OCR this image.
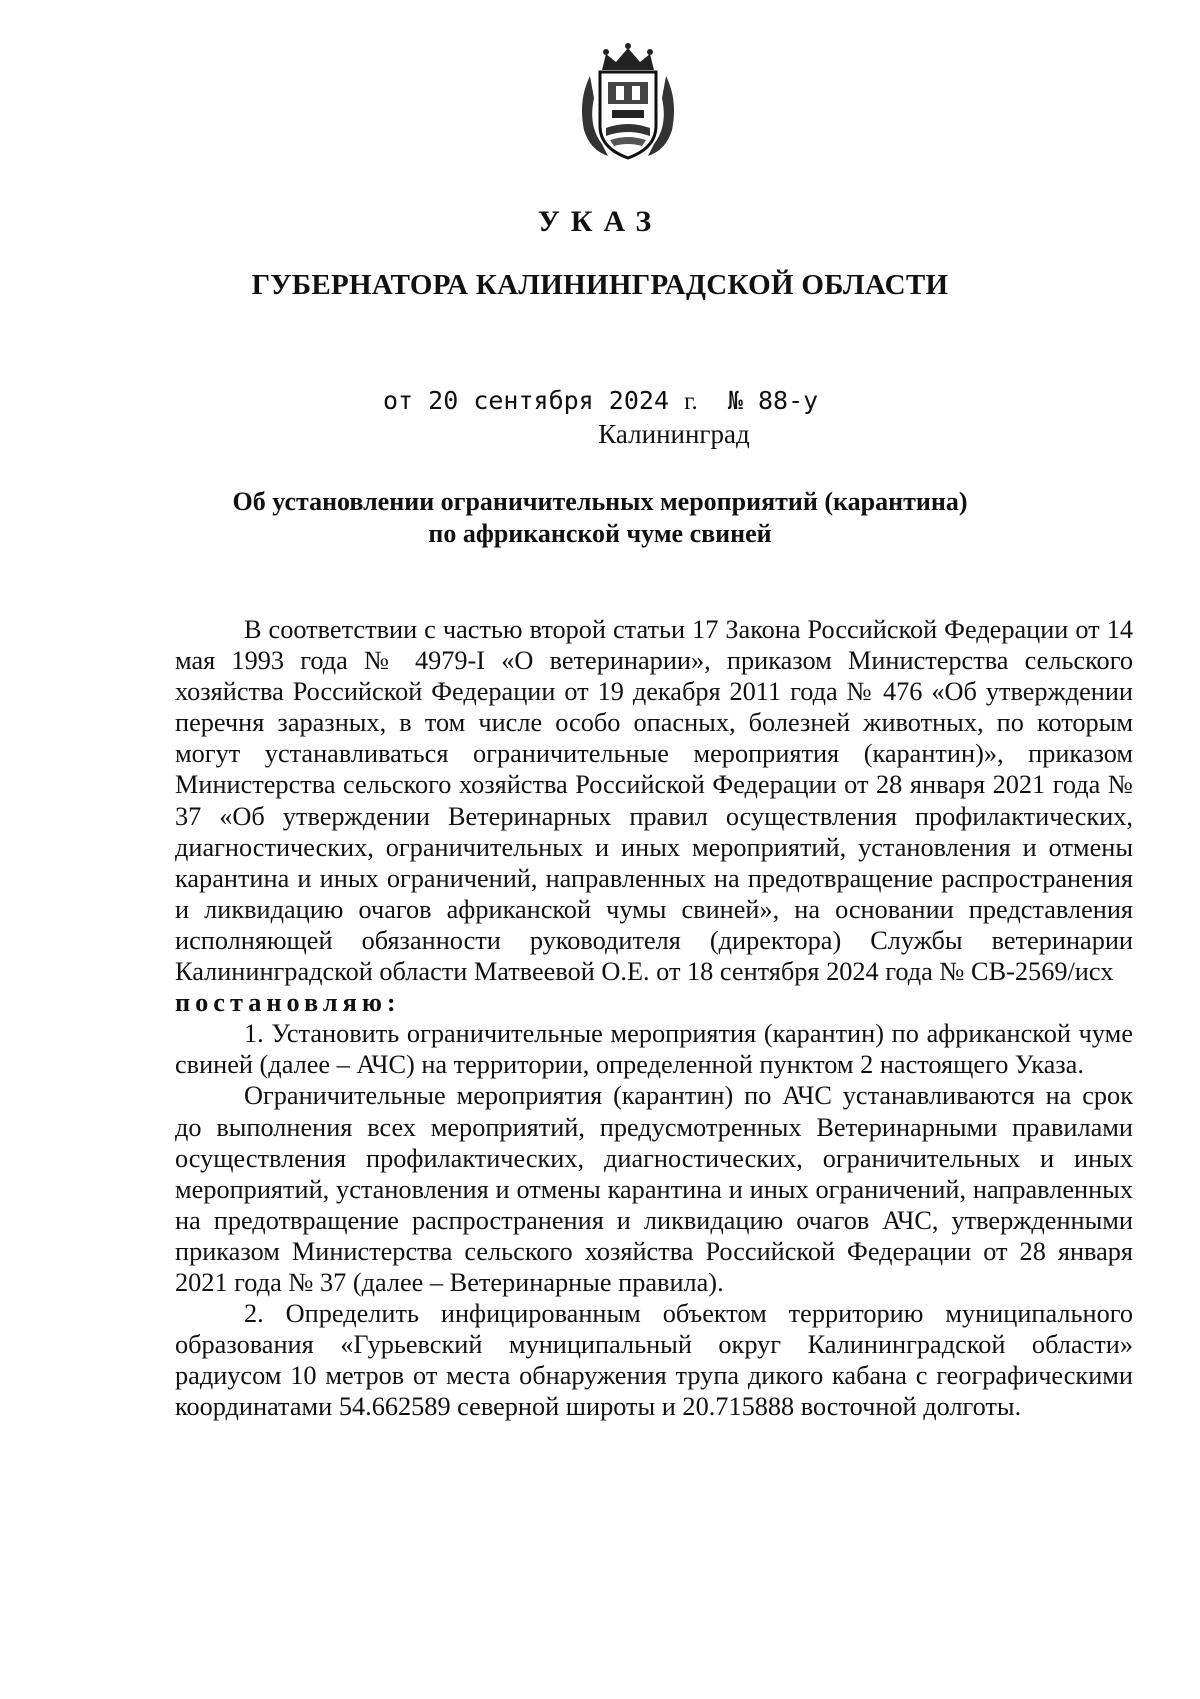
УКАЗ
ГУБЕРНАТОРА КАЛИНИНГРАДСКОЙ ОБЛАСТИ
от 20 сентября 2024 г. № 88-у
Калининград
Об установлении ограничительных мероприятий (карантина)
по африканской чуме свиней

В соответствии с частью второй статьи 17 Закона Российской Федерации от 14 мая 1993 года № 4979-I «О ветеринарии», приказом Министерства сельского хозяйства Российской Федерации от 19 декабря 2011 года № 476 «Об утверждении перечня заразных, в том числе особо опасных, болезней животных, по которым могут устанавливаться ограничительные мероприятия (карантин)», приказом Министерства сельского хозяйства Российской Федерации от 28 января 2021 года № 37 «Об утверждении Ветеринарных правил осуществления профилактических, диагностических, ограничительных и иных мероприятий, установления и отмены карантина и иных ограничений, направленных на предотвращение распространения и ликвидацию очагов африканской чумы свиней», на основании представления исполняющей обязанности руководителя (директора) Службы ветеринарии Калининградской области Матвеевой О.Е. от 18 сентября 2024 года № СВ-2569/исх

постановляю:

1. Установить ограничительные мероприятия (карантин) по африканской чуме свиней (далее – АЧС) на территории, определенной пунктом 2 настоящего Указа.

Ограничительные мероприятия (карантин) по АЧС устанавливаются на срок до выполнения всех мероприятий, предусмотренных Ветеринарными правилами осуществления профилактических, диагностических, ограничительных и иных мероприятий, установления и отмены карантина и иных ограничений, направленных на предотвращение распространения и ликвидацию очагов АЧС, утвержденными приказом Министерства сельского хозяйства Российской Федерации от 28 января 2021 года № 37 (далее – Ветеринарные правила).

2. Определить инфицированным объектом территорию муниципального образования «Гурьевский муниципальный округ Калининградской области» радиусом 10 метров от места обнаружения трупа дикого кабана с географическими координатами 54.662589 северной широты и 20.715888 восточной долготы.
